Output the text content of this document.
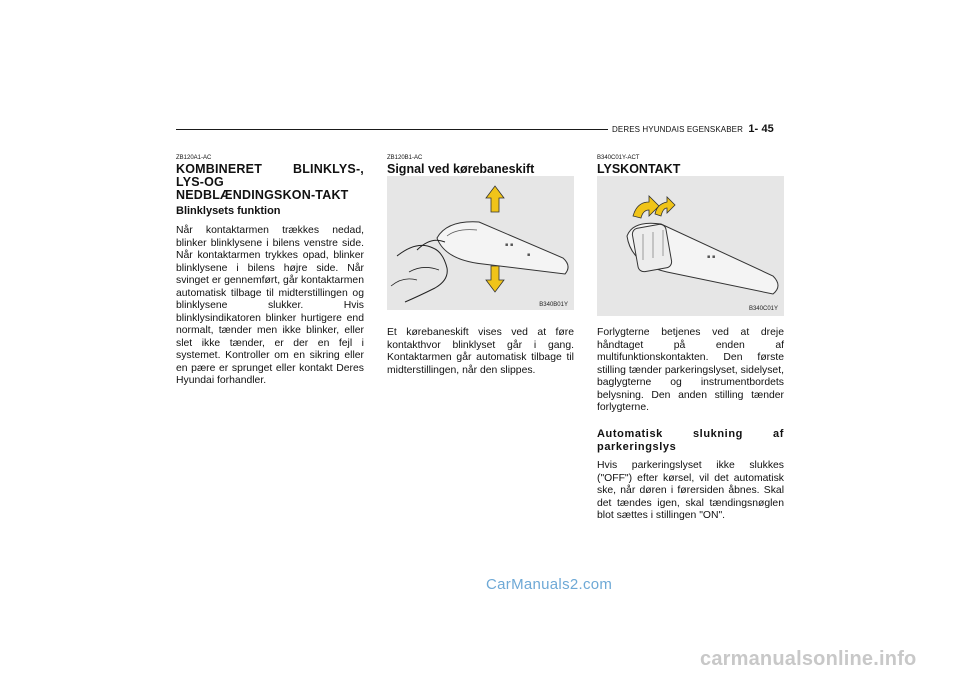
DERES HYUNDAIS EGENSKABER 1- 45
ZB120A1-AC
KOMBINERET BLINKLYS-, LYS-OG NEDBLÆNDINGSKON-TAKT
Blinklysets funktion
Når kontaktarmen trækkes nedad, blinker blinklysene i bilens venstre side. Når kontaktarmen trykkes opad, blinker blinklysene i bilens højre side. Når svinget er gennemført, går kontaktarmen automatisk tilbage til midterstillingen og blinklysene slukker. Hvis blinklysindikatoren blinker hurtigere end normalt, tænder men ikke blinker, eller slet ikke tænder, er der en fejl i systemet. Kontroller om en sikring eller en pære er sprunget eller kontakt Deres Hyundai forhandler.
ZB120B1-AC
Signal ved kørebaneskift
▪ ▪
▪
B340B01Y
Et kørebaneskift vises ved at føre kontakthvor blinklyset går i gang. Kontaktarmen går automatisk tilbage til midterstillingen, når den slippes.
B340C01Y-ACT
LYSKONTAKT
▪ ▪
B340C01Y
Forlygterne betjenes ved at dreje håndtaget på enden af multifunktionskontakten. Den første stilling tænder parkeringslyset, sidelyset, baglygterne og instrumentbordets belysning. Den anden stilling tænder forlygterne.
Automatisk slukning af parkeringslys
Hvis parkeringslyset ikke slukkes ("OFF") efter kørsel, vil det automatisk ske, når døren i førersiden åbnes. Skal det tændes igen, skal tændingsnøglen blot sættes i stillingen "ON".
CarManuals2.com
carmanualsonline.info
